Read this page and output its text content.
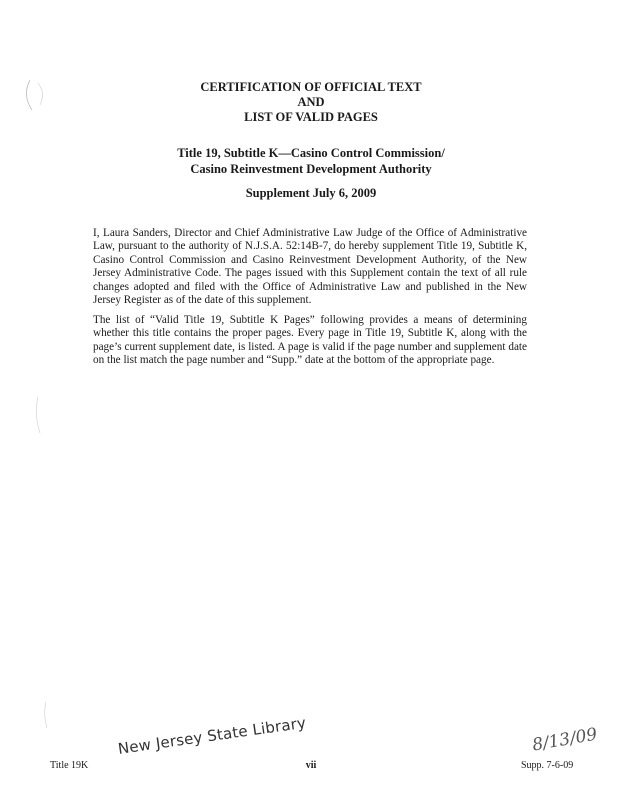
CERTIFICATION OF OFFICIAL TEXT
AND
LIST OF VALID PAGES
Title 19, Subtitle K—Casino Control Commission/
Casino Reinvestment Development Authority
Supplement July 6, 2009

I, Laura Sanders, Director and Chief Administrative Law Judge of the Office of Administrative Law, pursuant to the authority of N.J.S.A. 52:14B-7, do hereby supplement Title 19, Subtitle K, Casino Control Commission and Casino Reinvestment Development Authority, of the New Jersey Administrative Code. The pages issued with this Supplement contain the text of all rule changes adopted and filed with the Office of Administrative Law and published in the New Jersey Register as of the date of this supplement.

The list of “Valid Title 19, Subtitle K Pages” following provides a means of determining whether this title contains the proper pages. Every page in Title 19, Subtitle K, along with the page’s current supplement date, is listed. A page is valid if the page number and supplement date on the list match the page number and “Supp.” date at the bottom of the appropriate page.

New Jersey State Library	8/13/09
Title 19K	vii	Supp. 7-6-09
